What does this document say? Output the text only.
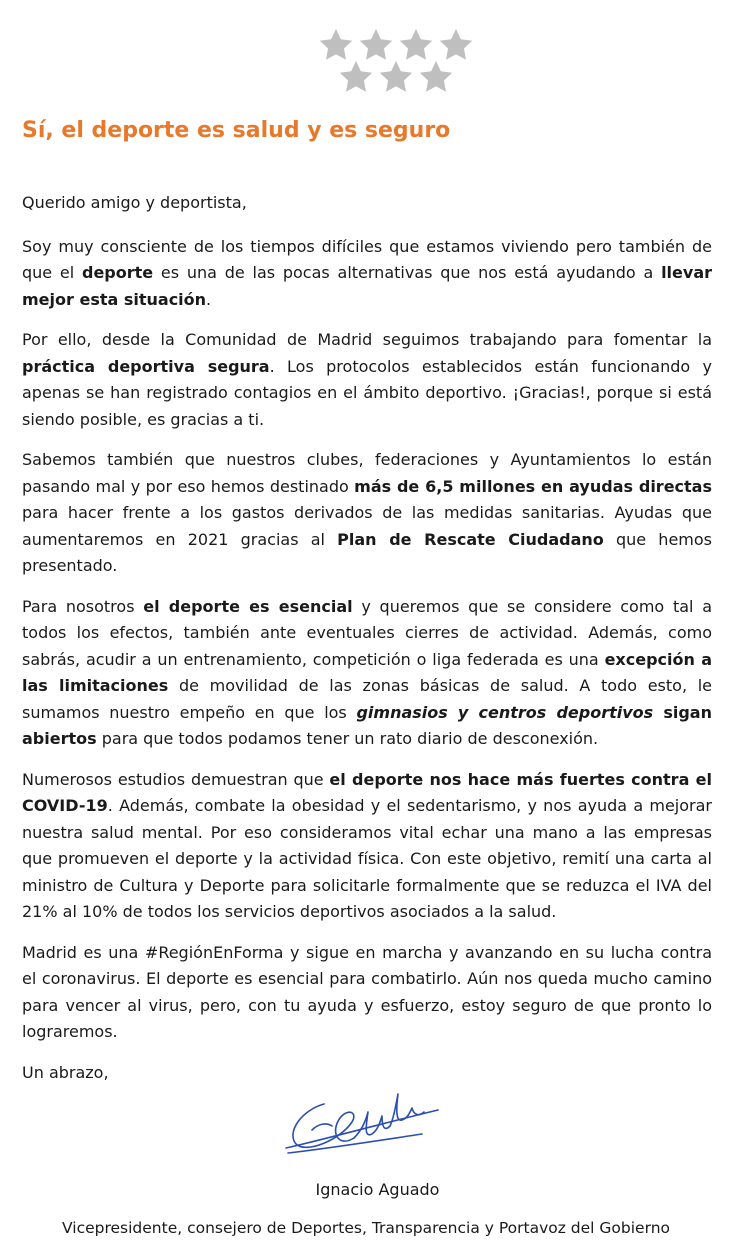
Sí, el deporte es salud y es seguro

Querido amigo y deportista,

Soy muy consciente de los tiempos difíciles que estamos viviendo pero también de que el deporte es una de las pocas alternativas que nos está ayudando a llevar mejor esta situación.

Por ello, desde la Comunidad de Madrid seguimos trabajando para fomentar la práctica deportiva segura. Los protocolos establecidos están funcionando y apenas se han registrado contagios en el ámbito deportivo. ¡Gracias!, porque si está siendo posible, es gracias a ti.

Sabemos también que nuestros clubes, federaciones y Ayuntamientos lo están pasando mal y por eso hemos destinado más de 6,5 millones en ayudas directas para hacer frente a los gastos derivados de las medidas sanitarias. Ayudas que aumentaremos en 2021 gracias al Plan de Rescate Ciudadano que hemos presentado.

Para nosotros el deporte es esencial y queremos que se considere como tal a todos los efectos, también ante eventuales cierres de actividad. Además, como sabrás, acudir a un entrenamiento, competición o liga federada es una excepción a las limitaciones de movilidad de las zonas básicas de salud. A todo esto, le sumamos nuestro empeño en que los gimnasios y centros deportivos sigan abiertos para que todos podamos tener un rato diario de desconexión.

Numerosos estudios demuestran que el deporte nos hace más fuertes contra el COVID-19. Además, combate la obesidad y el sedentarismo, y nos ayuda a mejorar nuestra salud mental. Por eso consideramos vital echar una mano a las empresas que promueven el deporte y la actividad física. Con este objetivo, remití una carta al ministro de Cultura y Deporte para solicitarle formalmente que se reduzca el IVA del 21% al 10% de todos los servicios deportivos asociados a la salud.

Madrid es una #RegiónEnForma y sigue en marcha y avanzando en su lucha contra el coronavirus. El deporte es esencial para combatirlo. Aún nos queda mucho camino para vencer al virus, pero, con tu ayuda y esfuerzo, estoy seguro de que pronto lo lograremos.

Un abrazo,

Ignacio Aguado
Vicepresidente, consejero de Deportes, Transparencia y Portavoz del Gobierno
